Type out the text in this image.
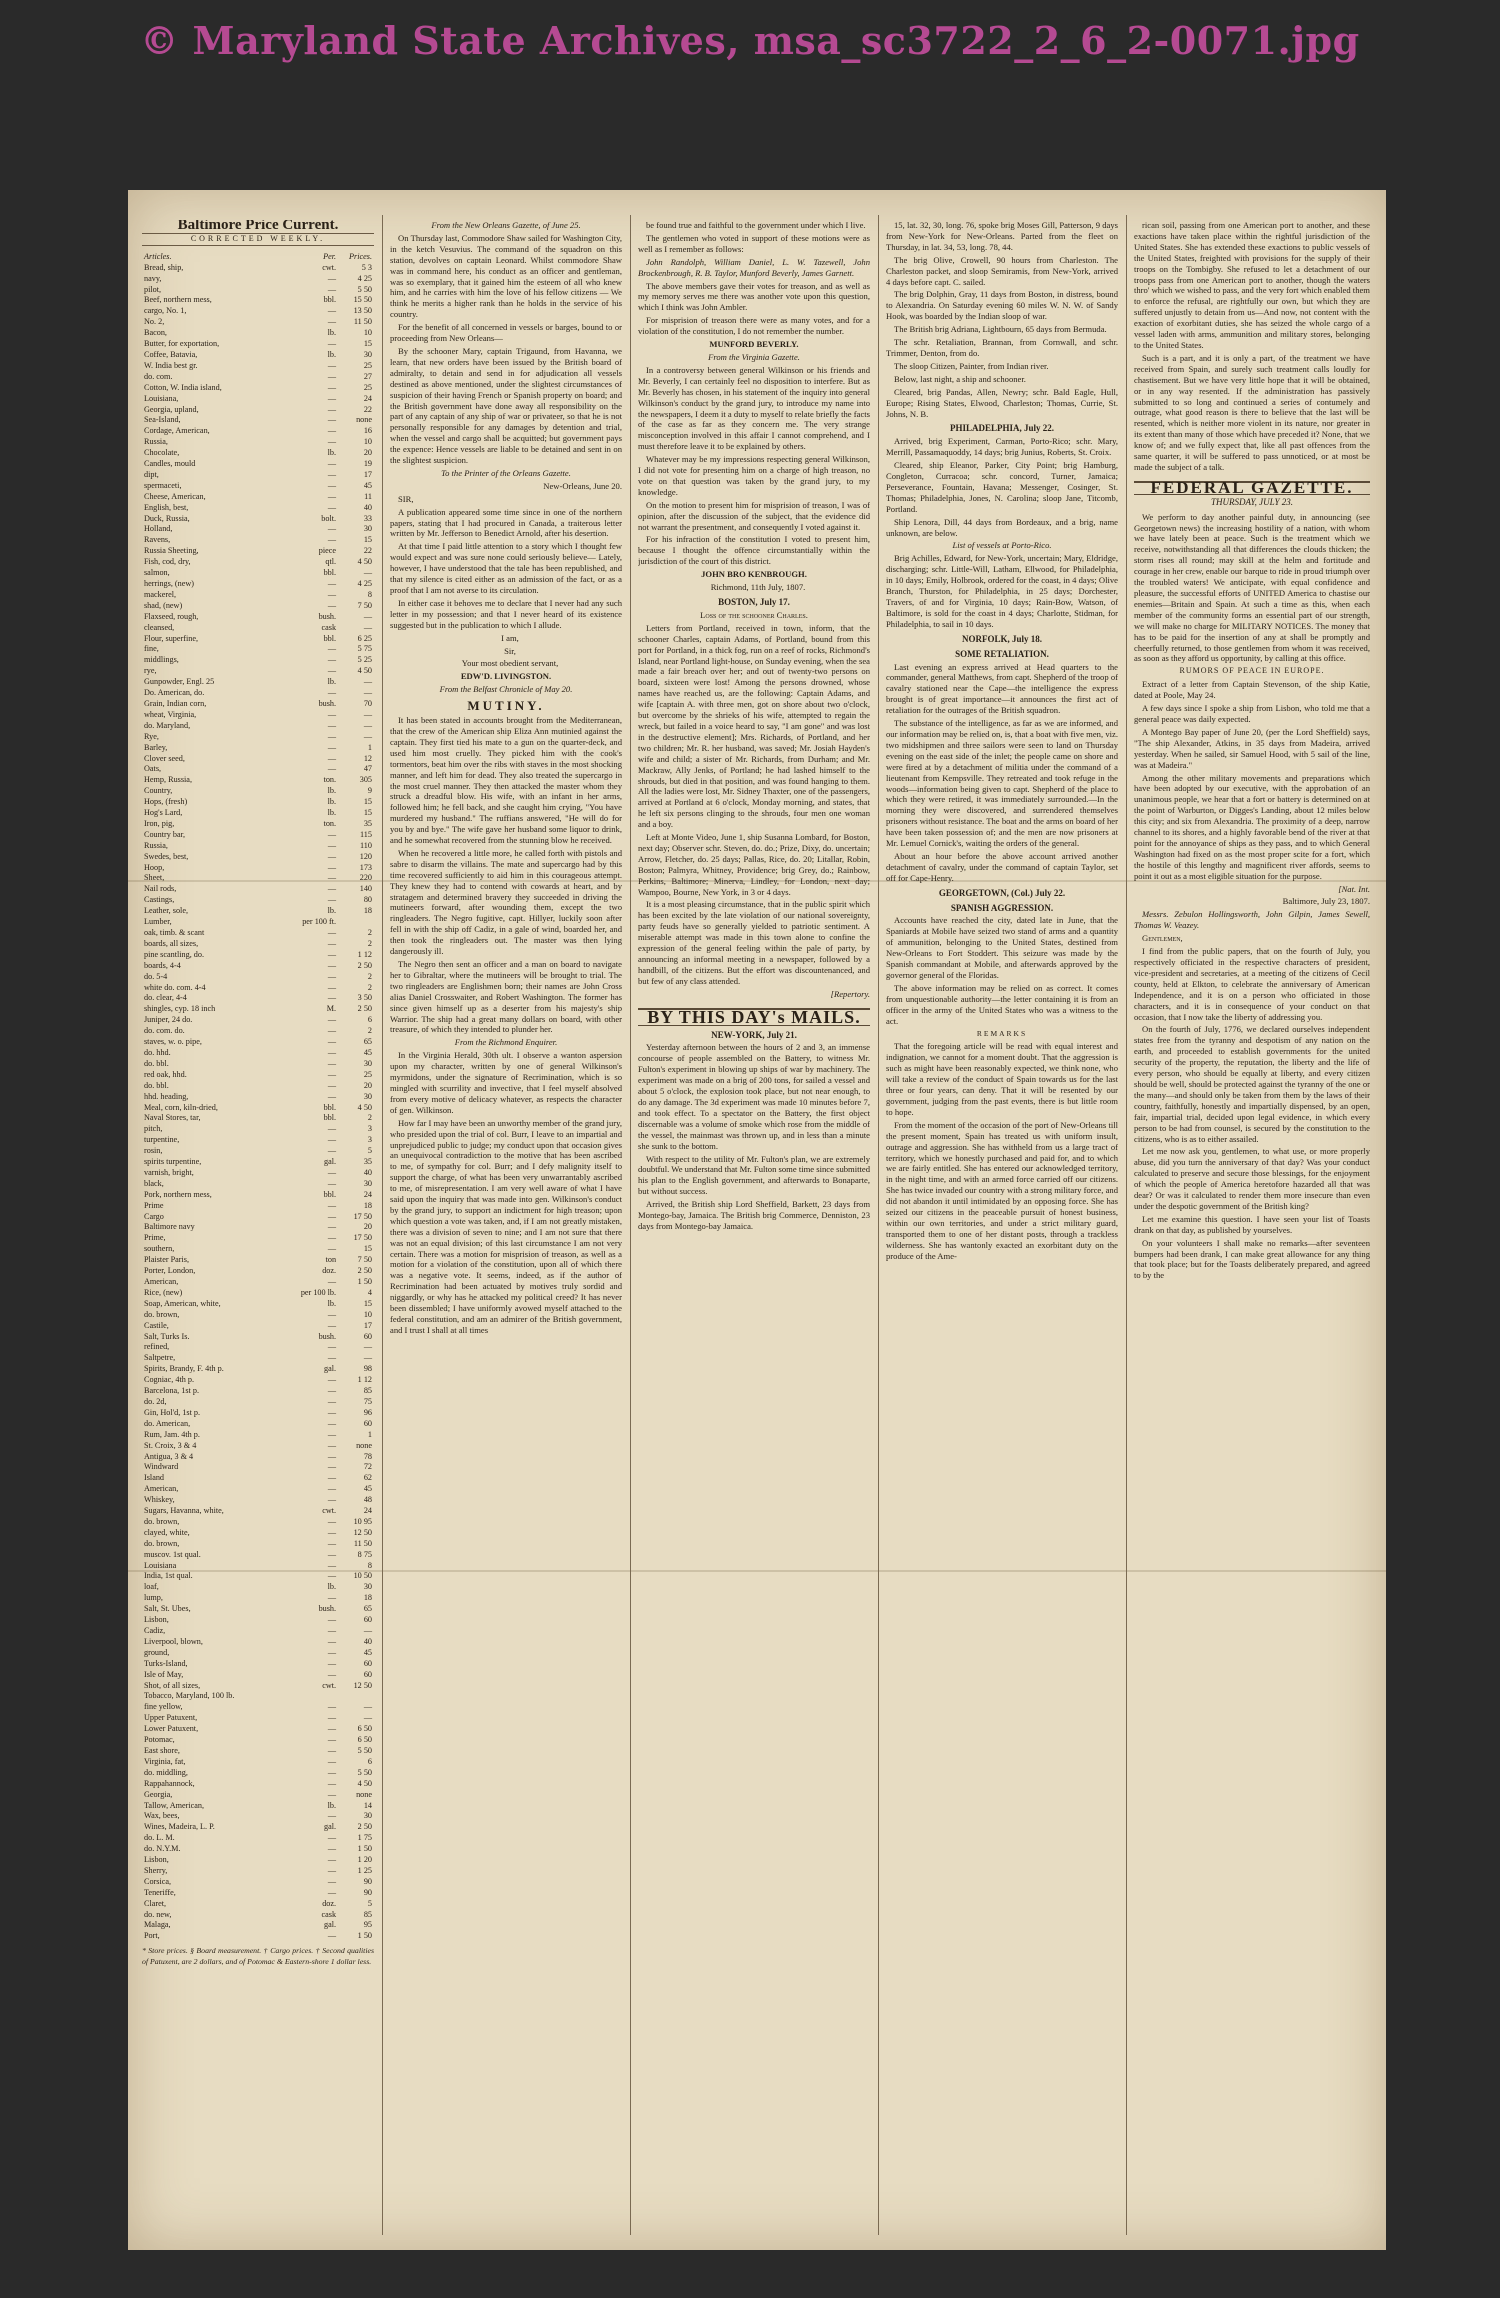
© Maryland State Archives, msa_sc3722_2_6_2-0071.jpg
Baltimore Price Current.
CORRECTED WEEKLY.
Articles.	Per.	Prices.
Bread, ship,	cwt.	5 3
navy,	—	4 25
pilot,	—	5 50
Beef, northern mess,	bbl.	15 50
cargo, No. 1,	—	13 50
No. 2,	—	11 50
Bacon,	lb.	10
Butter, for exportation,	—	15
Coffee, Batavia,	lb.	30
W. India best gr.	—	25
do. com.	—	27
Cotton, W. India island,	—	25
Louisiana,	—	24
Georgia, upland,	—	22
Sea-Island,	—	none
Cordage, American,	—	16
Russia,	—	10
Chocolate,	lb.	20
Candles, mould	—	19
dipt,	—	17
spermaceti,	—	45
Cheese, American,	—	11
English, best,	—	40
Duck, Russia,	bolt.	33
Holland,	—	30
Ravens,	—	15
Russia Sheeting,	piece	22
Fish, cod, dry,	qtl.	4 50
salmon,	bbl.	—
herrings, (new)	—	4 25
mackerel,	—	8
shad, (new)	—	7 50
Flaxseed, rough,	bush.	—
cleansed,	cask	—
Flour, superfine,	bbl.	6 25
fine,	—	5 75
middlings,	—	5 25
rye,	—	4 50
Gunpowder, Engl. 25	lb.	—
Do. American, do.	—	—
Grain, Indian corn,	bush.	70
wheat, Virginia,	—	—
do. Maryland,	—	—
Rye,	—	—
Barley,	—	1
Clover seed,	—	12
Oats,	—	47
Hemp, Russia,	ton.	305
Country,	lb.	9
Hops, (fresh)	lb.	15
Hog's Lard,	lb.	15
Iron, pig,	ton.	35
Country bar,	—	115
Russia,	—	110
Swedes, best,	—	120
Hoop,	—	173
Sheet,	—	220
Nail rods,	—	140
Castings,	—	80
Leather, sole,	lb.	18
Lumber,	per 100 ft.	
oak, timb. & scant	—	2
boards, all sizes,	—	2
pine scantling, do.	—	1 12
boards, 4-4	—	2 50
do. 5-4	—	2
white do. com. 4-4	—	2
do. clear, 4-4	—	3 50
shingles, cyp. 18 inch	M.	2 50
Juniper, 24 do.	—	6
do. com. do.	—	2
staves, w. o. pipe,	—	65
do. hhd.	—	45
do. bbl.	—	30
red oak, hhd.	—	25
do. bbl.	—	20
hhd. heading,	—	30
Meal, corn, kiln-dried,	bbl.	4 50
Naval Stores, tar,	bbl.	2
pitch,	—	3
turpentine,	—	3
rosin,	—	5
spirits turpentine,	gal.	35
varnish, bright,	—	40
black,	—	30
Pork, northern mess,	bbl.	24
Prime	—	18
Cargo	—	17 50
Baltimore navy	—	20
Prime,	—	17 50
southern,	—	15
Plaister Paris,	ton	7 50
Porter, London,	doz.	2 50
American,	—	1 50
Rice, (new)	per 100 lb.	4
Soap, American, white,	lb.	15
do. brown,	—	10
Castile,	—	17
Salt, Turks Is.	bush.	60
refined,	—	—
Saltpetre,	—	—
Spirits, Brandy, F. 4th p.	gal.	98
Cogniac, 4th p.	—	1 12
Barcelona, 1st p.	—	85
do. 2d,	—	75
Gin, Hol'd, 1st p.	—	96
do. American,	—	60
Rum, Jam. 4th p.	—	1
St. Croix, 3 & 4	—	none
Antigua, 3 & 4	—	78
Windward	—	72
Island	—	62
American,	—	45
Whiskey,	—	48
Sugars, Havanna, white,	cwt.	24
do. brown,	—	10 95
clayed, white,	—	12 50
do. brown,	—	11 50
muscov. 1st qual.	—	8 75
Louisiana	—	8
India, 1st qual.	—	10 50
loaf,	lb.	30
lump,	—	18
Salt, St. Ubes,	bush.	65
Lisbon,	—	60
Cadiz,	—	—
Liverpool, blown,	—	40
ground,	—	45
Turks-Island,	—	60
Isle of May,	—	60
Shot, of all sizes,	cwt.	12 50
Tobacco, Maryland, 100 lb.		
fine yellow,	—	—
Upper Patuxent,	—	—
Lower Patuxent,	—	6 50
Potomac,	—	6 50
East shore,	—	5 50
Virginia, fat,	—	6
do. middling,	—	5 50
Rappahannock,	—	4 50
Georgia,	—	none
Tallow, American,	lb.	14
Wax, bees,	—	30
Wines, Madeira, L. P.	gal.	2 50
do. L. M.	—	1 75
do. N.Y.M.	—	1 50
Lisbon,	—	1 20
Sherry,	—	1 25
Corsica,	—	90
Teneriffe,	—	90
Claret,	doz.	5
do. new,	cask	85
Malaga,	gal.	95
Port,	—	1 50
* Store prices. § Board measurement. † Cargo prices. † Second qualities of Patuxent, are 2 dollars, and of Potomac & Eastern-shore 1 dollar less.

From the New Orleans Gazette, of June 25.

On Thursday last, Commodore Shaw sailed for Washington City, in the ketch Vesuvius. The command of the squadron on this station, devolves on captain Leonard. Whilst commodore Shaw was in command here, his conduct as an officer and gentleman, was so exemplary, that it gained him the esteem of all who knew him, and he carries with him the love of his fellow citizens — We think he merits a higher rank than he holds in the service of his country.

For the benefit of all concerned in vessels or barges, bound to or proceeding from New Orleans—

By the schooner Mary, captain Trigaund, from Havanna, we learn, that new orders have been issued by the British board of admiralty, to detain and send in for adjudication all vessels destined as above mentioned, under the slightest circumstances of suspicion of their having French or Spanish property on board; and the British government have done away all responsibility on the part of any captain of any ship of war or privateer, so that he is not personally responsible for any damages by detention and trial, when the vessel and cargo shall be acquitted; but government pays the expence: Hence vessels are liable to be detained and sent in on the slightest suspicion.

To the Printer of the Orleans Gazette.

New-Orleans, June 20.

SIR,

A publication appeared some time since in one of the northern papers, stating that I had procured in Canada, a traiterous letter written by Mr. Jefferson to Benedict Arnold, after his desertion.

At that time I paid little attention to a story which I thought few would expect and was sure none could seriously believe— Lately, however, I have understood that the tale has been republished, and that my silence is cited either as an admission of the fact, or as a proof that I am not averse to its circulation.

In either case it behoves me to declare that I never had any such letter in my possession; and that I never heard of its existence suggested but in the publication to which I allude.

I am,

Sir,

Your most obedient servant,

EDW'D. LIVINGSTON.

From the Belfast Chronicle of May 20.

MUTINY.

It has been stated in accounts brought from the Mediterranean, that the crew of the American ship Eliza Ann mutinied against the captain. They first tied his mate to a gun on the quarter-deck, and used him most cruelly. They picked him with the cook's tormentors, beat him over the ribs with staves in the most shocking manner, and left him for dead. They also treated the supercargo in the most cruel manner. They then attacked the master whom they struck a dreadful blow. His wife, with an infant in her arms, followed him; he fell back, and she caught him crying, "You have murdered my husband." The ruffians answered, "He will do for you by and bye." The wife gave her husband some liquor to drink, and he somewhat recovered from the stunning blow he received.

When he recovered a little more, he called forth with pistols and sabre to disarm the villains. The mate and supercargo had by this time recovered sufficiently to aid him in this courageous attempt. They knew they had to contend with cowards at heart, and by stratagem and determined bravery they succeeded in driving the mutineers forward, after wounding them, except the two ringleaders. The Negro fugitive, capt. Hillyer, luckily soon after fell in with the ship off Cadiz, in a gale of wind, boarded her, and then took the ringleaders out. The master was then lying dangerously ill.

The Negro then sent an officer and a man on board to navigate her to Gibraltar, where the mutineers will be brought to trial. The two ringleaders are Englishmen born; their names are John Cross alias Daniel Crosswaiter, and Robert Washington. The former has since given himself up as a deserter from his majesty's ship Warrior. The ship had a great many dollars on board, with other treasure, of which they intended to plunder her.

From the Richmond Enquirer.

In the Virginia Herald, 30th ult. I observe a wanton aspersion upon my character, written by one of general Wilkinson's myrmidons, under the signature of Recrimination, which is so mingled with scurrility and invective, that I feel myself absolved from every motive of delicacy whatever, as respects the character of gen. Wilkinson.

How far I may have been an unworthy member of the grand jury, who presided upon the trial of col. Burr, I leave to an impartial and unprejudiced public to judge; my conduct upon that occasion gives an unequivocal contradiction to the motive that has been ascribed to me, of sympathy for col. Burr; and I defy malignity itself to support the charge, of what has been very unwarrantably ascribed to me, of misrepresentation. I am very well aware of what I have said upon the inquiry that was made into gen. Wilkinson's conduct by the grand jury, to support an indictment for high treason; upon which question a vote was taken, and, if I am not greatly mistaken, there was a division of seven to nine; and I am not sure that there was not an equal division; of this last circumstance I am not very certain. There was a motion for misprision of treason, as well as a motion for a violation of the constitution, upon all of which there was a negative vote. It seems, indeed, as if the author of Recrimination had been actuated by motives truly sordid and niggardly, or why has he attacked my political creed? It has never been dissembled; I have uniformly avowed myself attached to the federal constitution, and am an admirer of the British government, and I trust I shall at all times

be found true and faithful to the government under which I live.

The gentlemen who voted in support of these motions were as well as I remember as follows:

John Randolph, William Daniel, L. W. Tazewell, John Brockenbrough, R. B. Taylor, Munford Beverly, James Garnett.

The above members gave their votes for treason, and as well as my memory serves me there was another vote upon this question, which I think was John Ambler.

For misprision of treason there were as many votes, and for a violation of the constitution, I do not remember the number.

MUNFORD BEVERLY.

From the Virginia Gazette.

In a controversy between general Wilkinson or his friends and Mr. Beverly, I can certainly feel no disposition to interfere. But as Mr. Beverly has chosen, in his statement of the inquiry into general Wilkinson's conduct by the grand jury, to introduce my name into the newspapers, I deem it a duty to myself to relate briefly the facts of the case as far as they concern me. The very strange misconception involved in this affair I cannot comprehend, and I must therefore leave it to be explained by others.

Whatever may be my impressions respecting general Wilkinson, I did not vote for presenting him on a charge of high treason, no vote on that question was taken by the grand jury, to my knowledge.

On the motion to present him for misprision of treason, I was of opinion, after the discussion of the subject, that the evidence did not warrant the presentment, and consequently I voted against it.

For his infraction of the constitution I voted to present him, because I thought the offence circumstantially within the jurisdiction of the court of this district.

JOHN BRO KENBROUGH.

Richmond, 11th July, 1807.

BOSTON, July 17.

Loss of the schooner Charles.

Letters from Portland, received in town, inform, that the schooner Charles, captain Adams, of Portland, bound from this port for Portland, in a thick fog, run on a reef of rocks, Richmond's Island, near Portland light-house, on Sunday evening, when the sea made a fair breach over her; and out of twenty-two persons on board, sixteen were lost! Among the persons drowned, whose names have reached us, are the following: Captain Adams, and wife [captain A. with three men, got on shore about two o'clock, but overcome by the shrieks of his wife, attempted to regain the wreck, but failed in a voice heard to say, "I am gone" and was lost in the destructive element]; Mrs. Richards, of Portland, and her two children; Mr. R. her husband, was saved; Mr. Josiah Hayden's wife and child; a sister of Mr. Richards, from Durham; and Mr. Mackraw, Ally Jenks, of Portland; he had lashed himself to the shrouds, but died in that position, and was found hanging to them. All the ladies were lost, Mr. Sidney Thaxter, one of the passengers, arrived at Portland at 6 o'clock, Monday morning, and states, that he left six persons clinging to the shrouds, four men one woman and a boy.

Left at Monte Video, June 1, ship Susanna Lombard, for Boston, next day; Observer schr. Steven, do. do.; Prize, Dixy, do. uncertain; Arrow, Fletcher, do. 25 days; Pallas, Rice, do. 20; Litallar, Robin, Boston; Palmyra, Whitney, Providence; brig Grey, do.; Rainbow, Perkins, Baltimore; Minerva, Lindley, for London, next day; Wampoo, Bourne, New York, in 3 or 4 days.

It is a most pleasing circumstance, that in the public spirit which has been excited by the late violation of our national sovereignty, party feuds have so generally yielded to patriotic sentiment. A miserable attempt was made in this town alone to confine the expression of the general feeling within the pale of party, by announcing an informal meeting in a newspaper, followed by a handbill, of the citizens. But the effort was discountenanced, and but few of any class attended.

[Repertory.

BY THIS DAY's MAILS.
NEW-YORK, July 21.

Yesterday afternoon between the hours of 2 and 3, an immense concourse of people assembled on the Battery, to witness Mr. Fulton's experiment in blowing up ships of war by machinery. The experiment was made on a brig of 200 tons, for sailed a vessel and about 5 o'clock, the explosion took place, but not near enough, to do any damage. The 3d experiment was made 10 minutes before 7, and took effect. To a spectator on the Battery, the first object discernable was a volume of smoke which rose from the middle of the vessel, the mainmast was thrown up, and in less than a minute she sunk to the bottom.

With respect to the utility of Mr. Fulton's plan, we are extremely doubtful. We understand that Mr. Fulton some time since submitted his plan to the English government, and afterwards to Bonaparte, but without success.

Arrived, the British ship Lord Sheffield, Barkett, 23 days from Montego-bay, Jamaica. The British brig Commerce, Denniston, 23 days from Montego-bay Jamaica.

15, lat. 32, 30, long. 76, spoke brig Moses Gill, Patterson, 9 days from New-York for New-Orleans. Parted from the fleet on Thursday, in lat. 34, 53, long. 78, 44.

The brig Olive, Crowell, 90 hours from Charleston. The Charleston packet, and sloop Semiramis, from New-York, arrived 4 days before capt. C. sailed.

The brig Dolphin, Gray, 11 days from Boston, in distress, bound to Alexandria. On Saturday evening 60 miles W. N. W. of Sandy Hook, was boarded by the Indian sloop of war.

The British brig Adriana, Lightbourn, 65 days from Bermuda.

The schr. Retaliation, Brannan, from Cornwall, and schr. Trimmer, Denton, from do.

The sloop Citizen, Painter, from Indian river.

Below, last night, a ship and schooner.

Cleared, brig Pandas, Allen, Newry; schr. Bald Eagle, Hull, Europe; Rising States, Elwood, Charleston; Thomas, Currie, St. Johns, N. B.

PHILADELPHIA, July 22.

Arrived, brig Experiment, Carman, Porto-Rico; schr. Mary, Merrill, Passamaquoddy, 14 days; brig Junius, Roberts, St. Croix.

Cleared, ship Eleanor, Parker, City Point; brig Hamburg, Congleton, Curracoa; schr. concord, Turner, Jamaica; Perseverance, Fountain, Havana; Messenger, Cosinger, St. Thomas; Philadelphia, Jones, N. Carolina; sloop Jane, Titcomb, Portland.

Ship Lenora, Dill, 44 days from Bordeaux, and a brig, name unknown, are below.

List of vessels at Porto-Rico.

Brig Achilles, Edward, for New-York, uncertain; Mary, Eldridge, discharging; schr. Little-Will, Latham, Ellwood, for Philadelphia, in 10 days; Emily, Holbrook, ordered for the coast, in 4 days; Olive Branch, Thurston, for Philadelphia, in 25 days; Dorchester, Travers, of and for Virginia, 10 days; Rain-Bow, Watson, of Baltimore, is sold for the coast in 4 days; Charlotte, Stidman, for Philadelphia, to sail in 10 days.

NORFOLK, July 18.
SOME RETALIATION.

Last evening an express arrived at Head quarters to the commander, general Matthews, from capt. Shepherd of the troop of cavalry stationed near the Cape—the intelligence the express brought is of great importance—it announces the first act of retaliation for the outrages of the British squadron.

The substance of the intelligence, as far as we are informed, and our information may be relied on, is, that a boat with five men, viz. two midshipmen and three sailors were seen to land on Thursday evening on the east side of the inlet; the people came on shore and were fired at by a detachment of militia under the command of a lieutenant from Kempsville. They retreated and took refuge in the woods—information being given to capt. Shepherd of the place to which they were retired, it was immediately surrounded.—In the morning they were discovered, and surrendered themselves prisoners without resistance. The boat and the arms on board of her have been taken possession of; and the men are now prisoners at Mr. Lemuel Cornick's, waiting the orders of the general.

About an hour before the above account arrived another detachment of cavalry, under the command of captain Taylor, set off for Cape-Henry.

GEORGETOWN, (Col.) July 22.
SPANISH AGGRESSION.

Accounts have reached the city, dated late in June, that the Spaniards at Mobile have seized two stand of arms and a quantity of ammunition, belonging to the United States, destined from New-Orleans to Fort Stoddert. This seizure was made by the Spanish commandant at Mobile, and afterwards approved by the governor general of the Floridas.

The above information may be relied on as correct. It comes from unquestionable authority—the letter containing it is from an officer in the army of the United States who was a witness to the act.

REMARKS

That the foregoing article will be read with equal interest and indignation, we cannot for a moment doubt. That the aggression is such as might have been reasonably expected, we think none, who will take a review of the conduct of Spain towards us for the last three or four years, can deny. That it will be resented by our government, judging from the past events, there is but little room to hope.

From the moment of the occasion of the port of New-Orleans till the present moment, Spain has treated us with uniform insult, outrage and aggression. She has withheld from us a large tract of territory, which we honestly purchased and paid for, and to which we are fairly entitled. She has entered our acknowledged territory, in the night time, and with an armed force carried off our citizens. She has twice invaded our country with a strong military force, and did not abandon it until intimidated by an opposing force. She has seized our citizens in the peaceable pursuit of honest business, within our own territories, and under a strict military guard, transported them to one of her distant posts, through a trackless wilderness. She has wantonly exacted an exorbitant duty on the produce of the Ame-

rican soil, passing from one American port to another, and these exactions have taken place within the rightful jurisdiction of the United States. She has extended these exactions to public vessels of the United States, freighted with provisions for the supply of their troops on the Tombigby. She refused to let a detachment of our troops pass from one American port to another, though the waters thro' which we wished to pass, and the very fort which enabled them to enforce the refusal, are rightfully our own, but which they are suffered unjustly to detain from us—And now, not content with the exaction of exorbitant duties, she has seized the whole cargo of a vessel laden with arms, ammunition and military stores, belonging to the United States.

Such is a part, and it is only a part, of the treatment we have received from Spain, and surely such treatment calls loudly for chastisement. But we have very little hope that it will be obtained, or in any way resented. If the administration has passively submitted to so long and continued a series of contumely and outrage, what good reason is there to believe that the last will be resented, which is neither more violent in its nature, nor greater in its extent than many of those which have preceded it? None, that we know of; and we fully expect that, like all past offences from the same quarter, it will be suffered to pass unnoticed, or at most be made the subject of a talk.

FEDERAL GAZETTE.
THURSDAY, JULY 23.

We perform to day another painful duty, in announcing (see Georgetown news) the increasing hostility of a nation, with whom we have lately been at peace. Such is the treatment which we receive, notwithstanding all that differences the clouds thicken; the storm rises all round; may skill at the helm and fortitude and courage in her crew, enable our barque to ride in proud triumph over the troubled waters! We anticipate, with equal confidence and pleasure, the successful efforts of UNITED America to chastise our enemies—Britain and Spain. At such a time as this, when each member of the community forms an essential part of our strength, we will make no charge for MILITARY NOTICES. The money that has to be paid for the insertion of any at shall be promptly and cheerfully returned, to those gentlemen from whom it was received, as soon as they afford us opportunity, by calling at this office.

RUMORS OF PEACE IN EUROPE.

Extract of a letter from Captain Stevenson, of the ship Katie, dated at Poole, May 24.

A few days since I spoke a ship from Lisbon, who told me that a general peace was daily expected.

A Montego Bay paper of June 20, (per the Lord Sheffield) says, "The ship Alexander, Atkins, in 35 days from Madeira, arrived yesterday. When he sailed, sir Samuel Hood, with 5 sail of the line, was at Madeira."

Among the other military movements and preparations which have been adopted by our executive, with the approbation of an unanimous people, we hear that a fort or battery is determined on at the point of Warburton, or Digges's Landing, about 12 miles below this city; and six from Alexandria. The proximity of a deep, narrow channel to its shores, and a highly favorable bend of the river at that point for the annoyance of ships as they pass, and to which General Washington had fixed on as the most proper scite for a fort, which the hostile of this lengthy and magnificent river affords, seems to point it out as a most eligible situation for the purpose.

[Nat. Int.

Baltimore, July 23, 1807.

Messrs. Zebulon Hollingsworth, John Gilpin, James Sewell, Thomas W. Veazey.

Gentlemen,

I find from the public papers, that on the fourth of July, you respectively officiated in the respective characters of president, vice-president and secretaries, at a meeting of the citizens of Cecil county, held at Elkton, to celebrate the anniversary of American Independence, and it is on a person who officiated in those characters, and it is in consequence of your conduct on that occasion, that I now take the liberty of addressing you.

On the fourth of July, 1776, we declared ourselves independent states free from the tyranny and despotism of any nation on the earth, and proceeded to establish governments for the united security of the property, the reputation, the liberty and the life of every person, who should be equally at liberty, and every citizen should be well, should be protected against the tyranny of the one or the many—and should only be taken from them by the laws of their country, faithfully, honestly and impartially dispensed, by an open, fair, impartial trial, decided upon legal evidence, in which every person to be had from counsel, is secured by the constitution to the citizens, who is as to either assailed.

Let me now ask you, gentlemen, to what use, or more properly abuse, did you turn the anniversary of that day? Was your conduct calculated to preserve and secure those blessings, for the enjoyment of which the people of America heretofore hazarded all that was dear? Or was it calculated to render them more insecure than even under the despotic government of the British king?

Let me examine this question. I have seen your list of Toasts drank on that day, as published by yourselves.

On your volunteers I shall make no remarks—after seventeen bumpers had been drank, I can make great allowance for any thing that took place; but for the Toasts deliberately prepared, and agreed to by the
